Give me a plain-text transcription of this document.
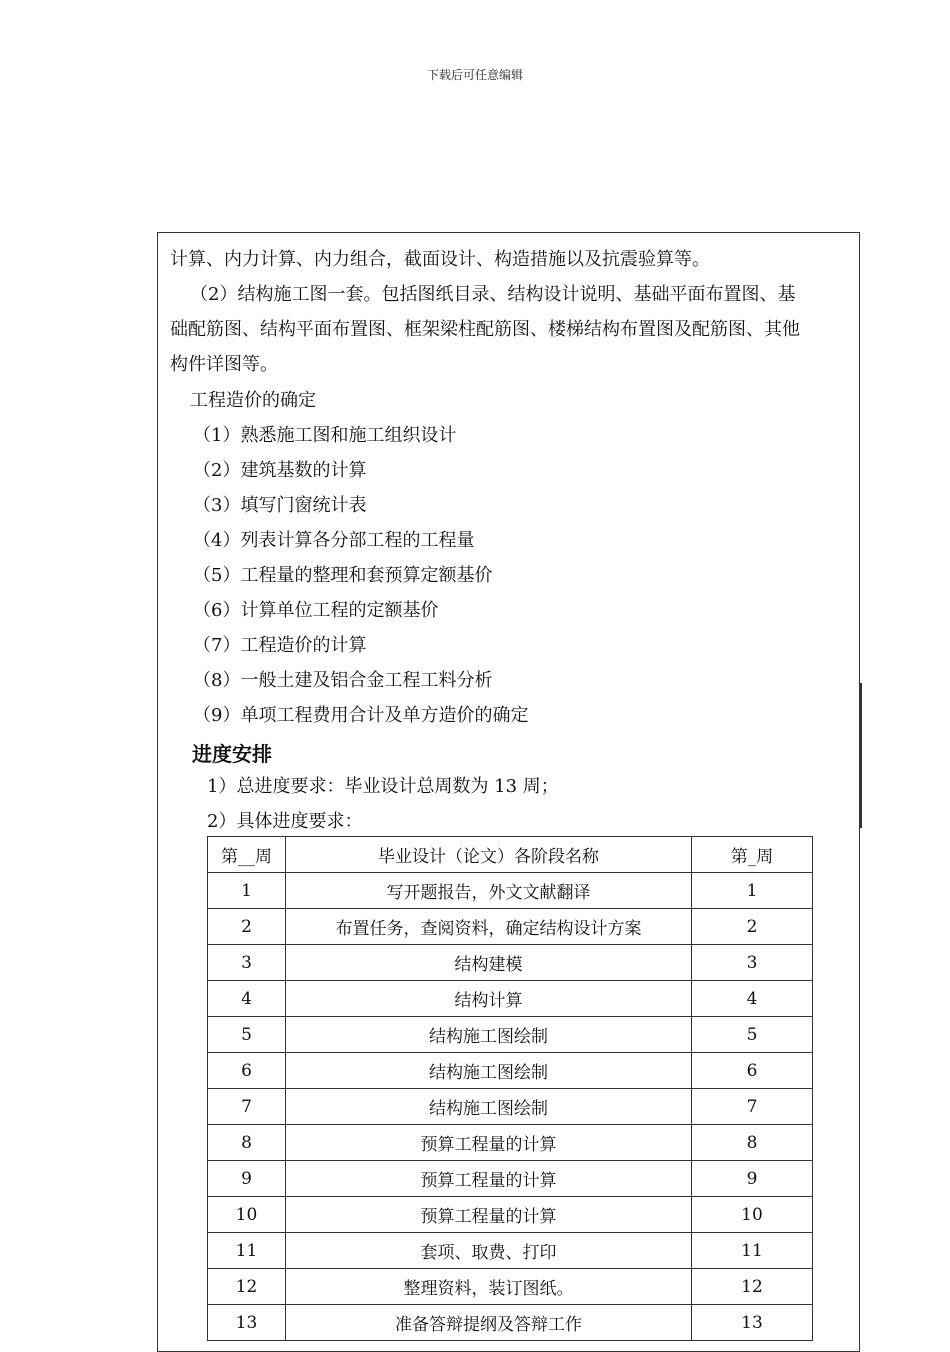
下载后可任意编辑
计算、内力计算、内力组合，截面设计、构造措施以及抗震验算等。
（2）结构施工图一套。包括图纸目录、结构设计说明、基础平面布置图、基
础配筋图、结构平面布置图、框架梁柱配筋图、楼梯结构布置图及配筋图、其他
构件详图等。
工程造价的确定
（1）熟悉施工图和施工组织设计
（2）建筑基数的计算
（3）填写门窗统计表
（4）列表计算各分部工程的工程量
（5）工程量的整理和套预算定额基价
（6）计算单位工程的定额基价
（7）工程造价的计算
（8）一般土建及铝合金工程工料分析
（9）单项工程费用合计及单方造价的确定
进度安排
1）总进度要求：毕业设计总周数为 13 周；
2）具体进度要求：
第__周	毕业设计（论文）各阶段名称	第_周
1	写开题报告，外文文献翻译	1
2	布置任务，查阅资料，确定结构设计方案	2
3	结构建模	3
4	结构计算	4
5	结构施工图绘制	5
6	结构施工图绘制	6
7	结构施工图绘制	7
8	预算工程量的计算	8
9	预算工程量的计算	9
10	预算工程量的计算	10
11	套项、取费、打印	11
12	整理资料，装订图纸。	12
13	准备答辩提纲及答辩工作	13
